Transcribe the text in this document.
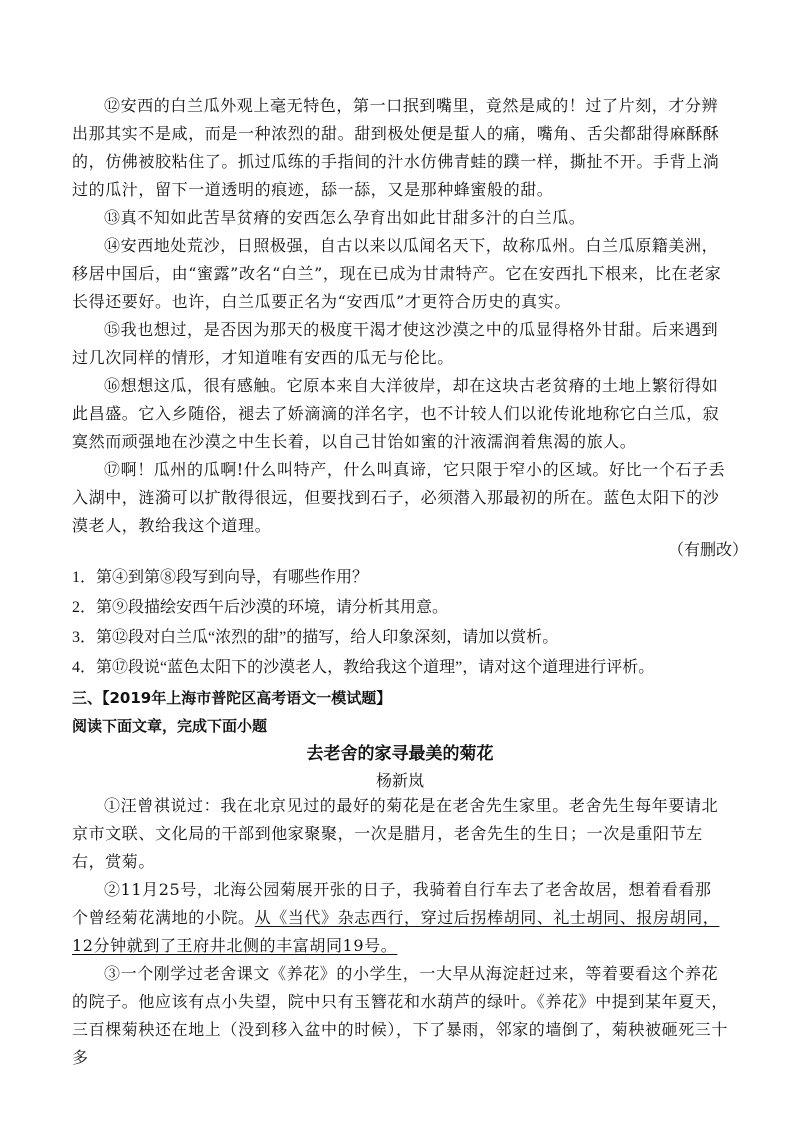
⑫安西的白兰瓜外观上毫无特色，第一口抿到嘴里，竟然是咸的！过了片刻，才分辨出那其实不是咸，而是一种浓烈的甜。甜到极处便是蜇人的痛，嘴角、舌尖都甜得麻酥酥的，仿佛被胶粘住了。抓过瓜练的手指间的汁水仿佛青蛙的蹼一样，撕扯不开。手背上淌过的瓜汁，留下一道透明的痕迹，舔一舔，又是那种蜂蜜般的甜。

⑬真不知如此苦旱贫瘠的安西怎么孕育出如此甘甜多汁的白兰瓜。

⑭安西地处荒沙，日照极强，自古以来以瓜闻名天下，故称瓜州。白兰瓜原籍美洲，移居中国后，由“蜜露”改名“白兰”，现在已成为甘肃特产。它在安西扎下根来，比在老家长得还要好。也许，白兰瓜要正名为“安西瓜”才更符合历史的真实。

⑮我也想过，是否因为那天的极度干渴才使这沙漠之中的瓜显得格外甘甜。后来遇到过几次同样的情形，才知道唯有安西的瓜无与伦比。

⑯想想这瓜，很有感触。它原本来自大洋彼岸，却在这块古老贫瘠的土地上繁衍得如此昌盛。它入乡随俗，褪去了娇滴滴的洋名字，也不计较人们以讹传讹地称它白兰瓜，寂寞然而顽强地在沙漠之中生长着，以自己甘饴如蜜的汁液濡润着焦渴的旅人。

⑰啊！瓜州的瓜啊!什么叫特产，什么叫真谛，它只限于窄小的区域。好比一个石子丢入湖中，涟漪可以扩散得很远，但要找到石子，必须潜入那最初的所在。蓝色太阳下的沙漠老人，教给我这个道理。

（有删改）

1．第④到第⑧段写到向导，有哪些作用？

2．第⑨段描绘安西午后沙漠的环境，请分析其用意。

3．第⑫段对白兰瓜“浓烈的甜”的描写，给人印象深刻，请加以赏析。

4．第⑰段说“蓝色太阳下的沙漠老人，教给我这个道理”，请对这个道理进行评析。

三、【2019年上海市普陀区高考语文一模试题】

阅读下面文章，完成下面小题

去老舍的家寻最美的菊花

杨新岚

①汪曾祺说过：我在北京见过的最好的菊花是在老舍先生家里。老舍先生每年要请北京市文联、文化局的干部到他家聚聚，一次是腊月，老舍先生的生日；一次是重阳节左右，赏菊。

②11月25号，北海公园菊展开张的日子，我骑着自行车去了老舍故居，想着看看那个曾经菊花满地的小院。从《当代》杂志西行，穿过后拐棒胡同、礼士胡同、报房胡同，12分钟就到了王府井北侧的丰富胡同19号。

③一个刚学过老舍课文《养花》的小学生，一大早从海淀赶过来，等着要看这个养花的院子。他应该有点小失望，院中只有玉簪花和水葫芦的绿叶。《养花》中提到某年夏天，三百棵菊秧还在地上（没到移入盆中的时候），下了暴雨，邻家的墙倒了，菊秧被砸死三十多
